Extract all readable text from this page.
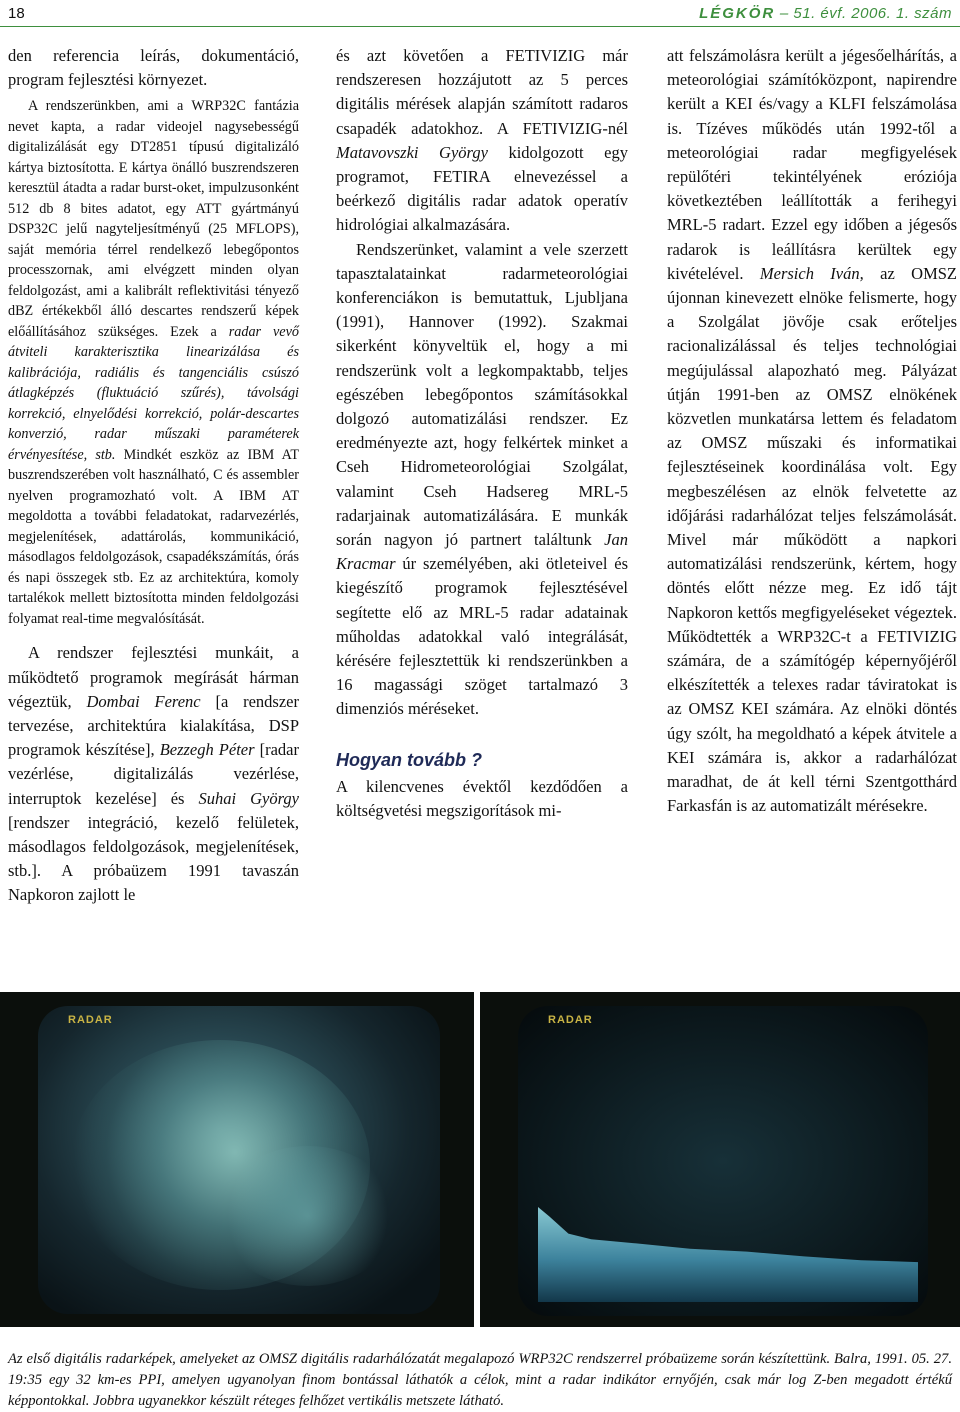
18	LÉGKÖR – 51. évf. 2006. 1. szám

den referencia leírás, dokumentáció, program fejlesztési környezet.

A rendszerünkben, ami a WRP32C fantázia nevet kapta, a radar videojel nagysebességű digitalizálását egy DT2851 típusú digitalizáló kártya biztosította. E kártya önálló buszrendszeren keresztül átadta a radar burst-oket, impulzusonként 512 db 8 bites adatot, egy ATT gyártmányú DSP32C jelű nagyteljesítményű (25 MFLOPS), saját memória térrel rendelkező lebegőpontos processzornak, ami elvégzett minden olyan feldolgozást, ami a kalibrált reflektivitási tényező dBZ értékekből álló descartes rendszerű képek előállításához szükséges. Ezek a radar vevő átviteli karakterisztika linearizálása és kalibrációja, radiális és tangenciális csúszó átlagképzés (fluktuáció szűrés), távolsági korrekció, elnyelődési korrekció, polár-descartes konverzió, radar műszaki paraméterek érvényesítése, stb. Mindkét eszköz az IBM AT buszrendszerében volt használható, C és assembler nyelven programozható volt. A IBM AT megoldotta a további feladatokat, radarvezérlés, megjelenítések, adattárolás, kommunikáció, másodlagos feldolgozások, csapadékszámítás, órás és napi összegek stb. Ez az architektúra, komoly tartalékok mellett biztosította minden feldolgozási folyamat real-time megvalósítását.

A rendszer fejlesztési munkáit, a működtető programok megírását hárman végeztük, Dombai Ferenc [a rendszer tervezése, architektúra kialakítása, DSP programok készítése], Bezzegh Péter [radar vezérlése, digitalizálás vezérlése, interruptok kezelése] és Suhai György [rendszer integráció, kezelő felületek, másodlagos feldolgozások, megjelenítések, stb.]. A próbaüzem 1991 tavaszán Napkoron zajlott le

és azt követően a FETIVIZIG már rendszeresen hozzájutott az 5 perces digitális mérések alapján számított radaros csapadék adatokhoz. A FETIVIZIG-nél Matavovszki György kidolgozott egy programot, FETIRA elnevezéssel a beérkező digitális radar adatok operatív hidrológiai alkalmazására.

Rendszerünket, valamint a vele szerzett tapasztalatainkat radarmeteorológiai konferenciákon is bemutattuk, Ljubljana (1991), Hannover (1992). Szakmai sikerként könyveltük el, hogy a mi rendszerünk volt a legkompaktabb, teljes egészében lebegőpontos számításokkal dolgozó automatizálási rendszer. Ez eredményezte azt, hogy felkértek minket a Cseh Hidrometeorológiai Szolgálat, valamint Cseh Hadsereg MRL-5 radarjainak automatizálására. E munkák során nagyon jó partnert találtunk Jan Kracmar úr személyében, aki ötleteivel és kiegészítő programok fejlesztésével segítette elő az MRL-5 radar adatainak műholdas adatokkal való integrálását, kérésére fejlesztettük ki rendszerünkben a 16 magassági szöget tartalmazó 3 dimenziós méréseket.

Hogyan tovább ?

A kilencvenes évektől kezdődően a költségvetési megszigorítások mi-

att felszámolásra került a jégesőelhárítás, a meteorológiai számítóközpont, napirendre került a KEI és/vagy a KLFI felszámolása is. Tízéves működés után 1992-től a meteorológiai radar megfigyelések repülőtéri tekintélyének eróziója következtében leállították a ferihegyi MRL-5 radart. Ezzel egy időben a jégesős radarok is leállításra kerültek egy kivételével. Mersich Iván, az OMSZ újonnan kinevezett elnöke felismerte, hogy a Szolgálat jövője csak erőteljes racionalizálással és teljes technológiai megújulással alapozható meg. Pályázat útján 1991-ben az OMSZ elnökének közvetlen munkatársa lettem és feladatom az OMSZ műszaki és informatikai fejlesztéseinek koordinálása volt. Egy megbeszélésen az elnök felvetette az időjárási radarhálózat teljes felszámolását. Mivel már működött a napkori automatizálási rendszerünk, kértem, hogy döntés előtt nézze meg. Ez idő tájt Napkoron kettős megfigyeléseket végeztek. Működtették a WRP32C-t a FETIVIZIG számára, de a számítógép képernyőjéről elkészítették a telexes radar táviratokat is az OMSZ KEI számára. Az elnöki döntés úgy szólt, ha megoldható a képek átvitele a KEI számára is, akkor a radarhálózat maradhat, de át kell térni Szentgotthárd Farkasfán is az automatizált mérésekre.

RADAR	RADAR

Az első digitális radarképek, amelyeket az OMSZ digitális radarhálózatát megalapozó WRP32C rendszerrel próbaüzeme során készítettünk. Balra, 1991. 05. 27. 19:35 egy 32 km-es PPI, amelyen ugyanolyan finom bontással láthatók a célok, mint a radar indikátor ernyőjén, csak már log Z-ben megadott értékű képpontokkal. Jobbra ugyanekkor készült réteges felhőzet vertikális metszete látható.
